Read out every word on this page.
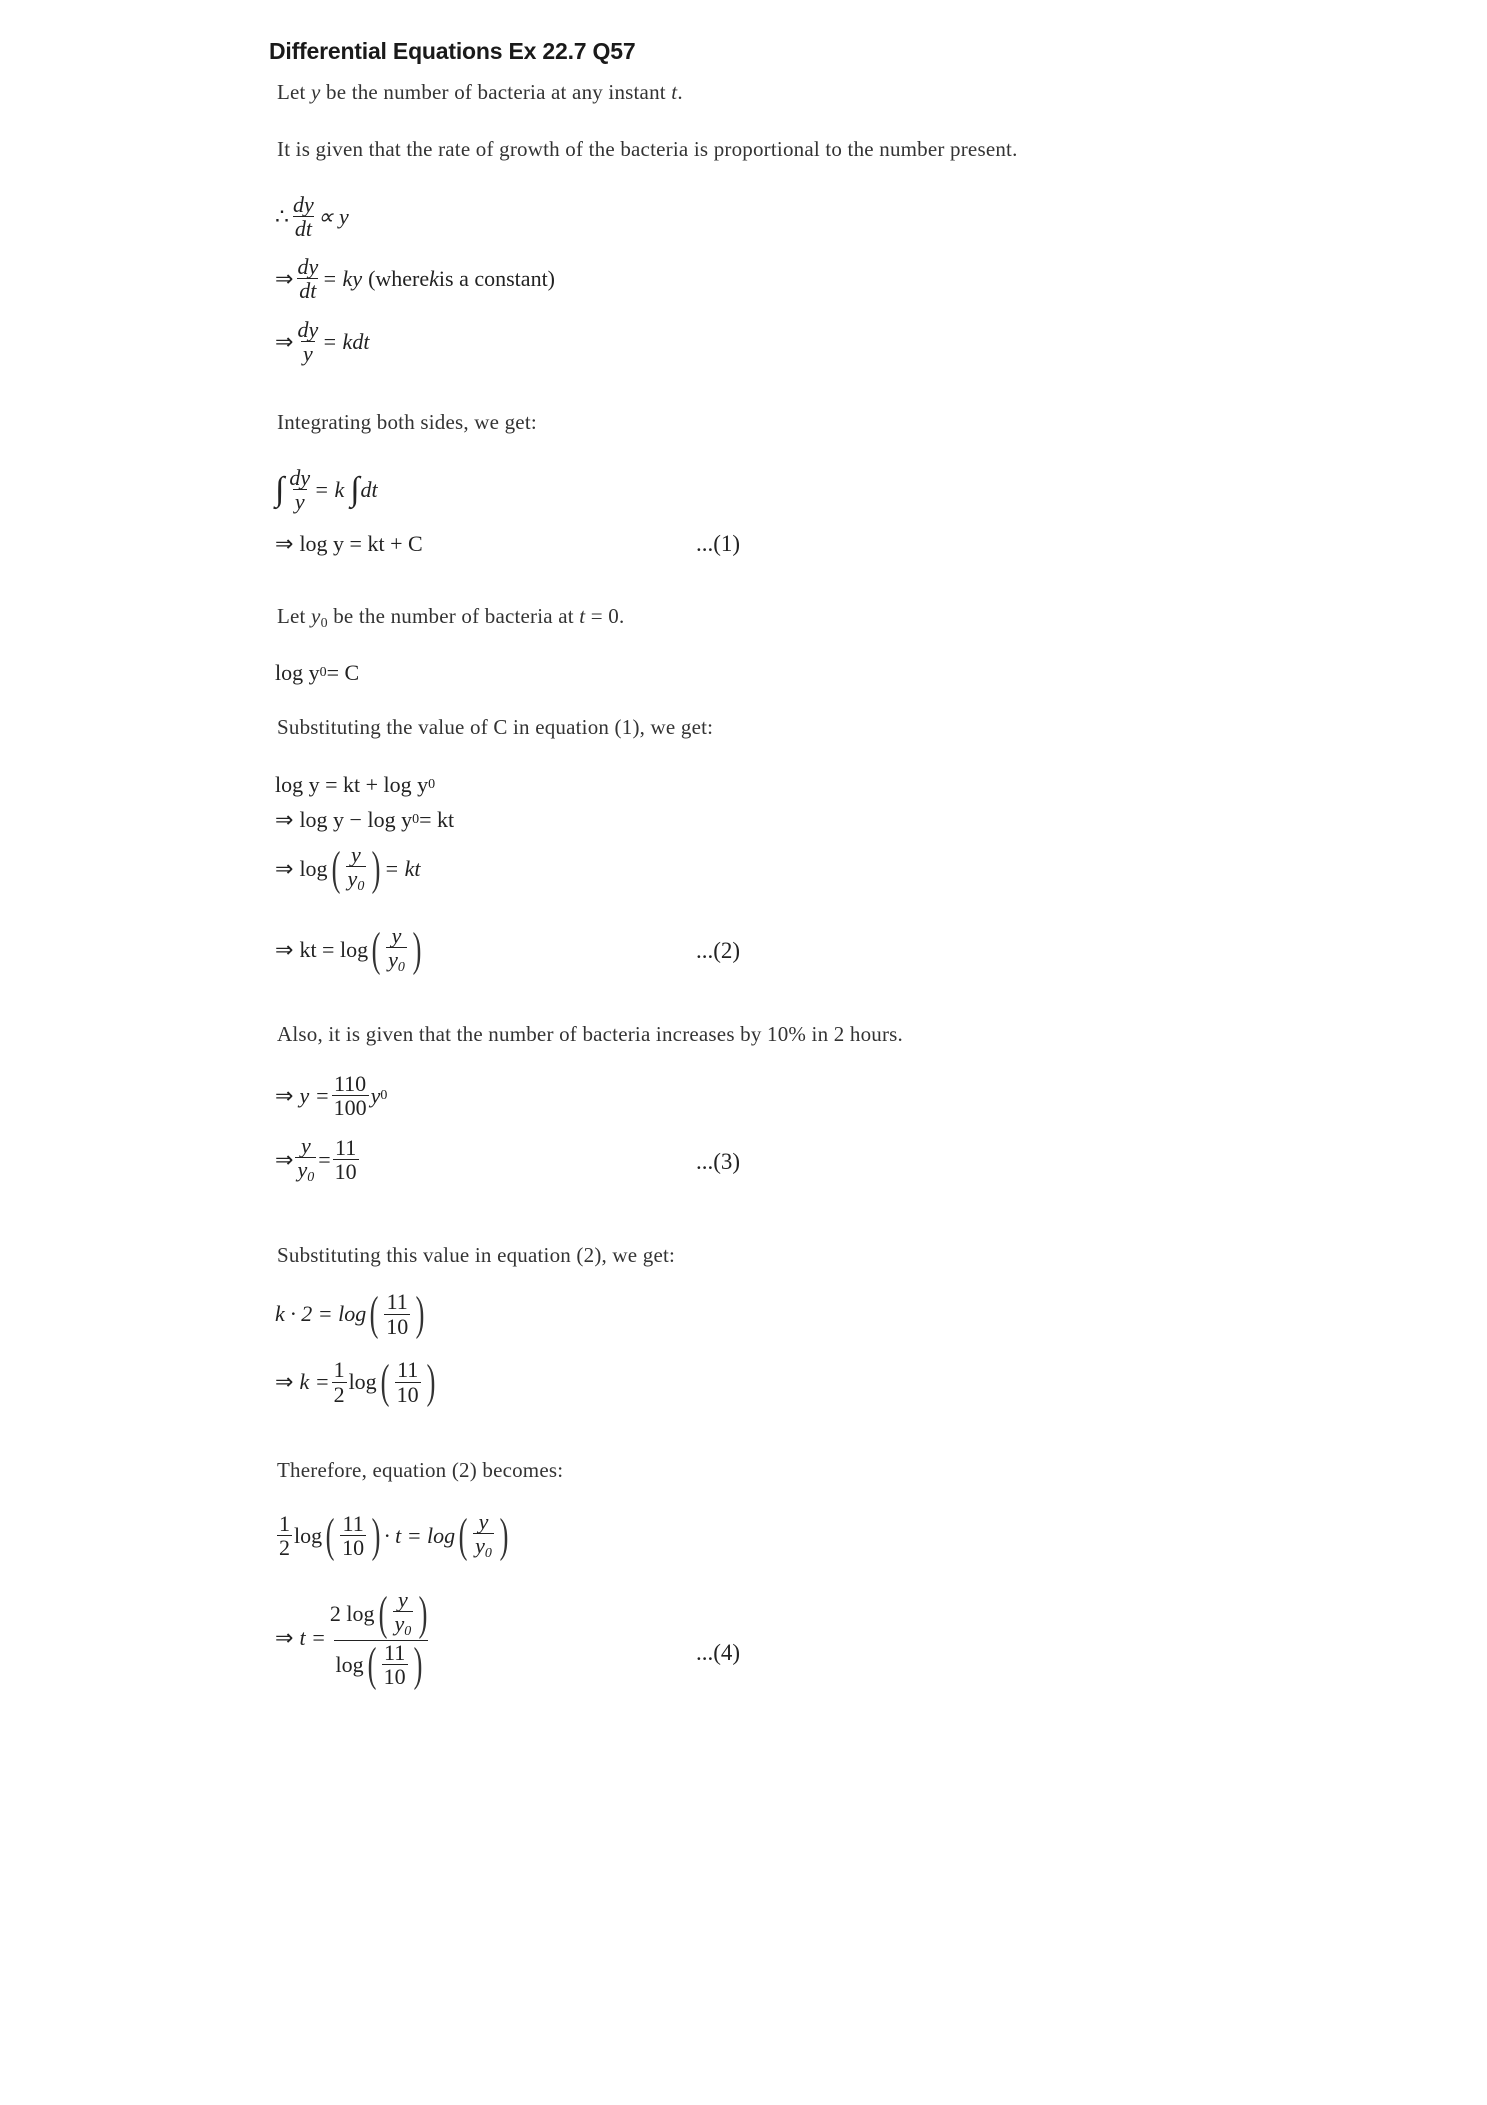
Differential Equations Ex 22.7 Q57
Let y be the number of bacteria at any instant t.
It is given that the rate of growth of the bacteria is proportional to the number present.
∴ $\frac{dy}{dt} \propto y$
⇒ $\frac{dy}{dt}$ = ky (where k is a constant)
⇒ $\frac{dy}{y}$ = kdt
Integrating both sides, we get:
∫ $\frac{dy}{y} = k$ ∫ dt
⇒ log y = kt + C	...(1)
Let $y_0$ be the number of bacteria at t = 0.
log y 0 = C
Substituting the value of C in equation (1), we get:
log y = kt + log y 0
⇒ log y − log y 0 = kt
⇒ log ( $\frac{y}{y_0}$ ) = kt
⇒ kt = log ( $\frac{y}{y_0}$ )	...(2)
Also, it is given that the number of bacteria increases by 10% in 2 hours.
⇒ $y = \frac{110}{100}$ y 0
⇒ $\frac{y}{y_0} = \frac{11}{10}$	...(3)
Substituting this value in equation (2), we get:
k · 2 = log ( $\frac{11}{10}$ )
⇒ $k = \frac{1}{2}$ log ( $\frac{11}{10}$ )
Therefore, equation (2) becomes:
$\frac{1}{2}$ log ( $\frac{11}{10}$ ) · t = log ( $\frac{y}{y_0}$ )
⇒ $t = \frac{2 \log ( \frac{y}{y_0} )}{\log ( \frac{11}{10} )}$	...(4)
